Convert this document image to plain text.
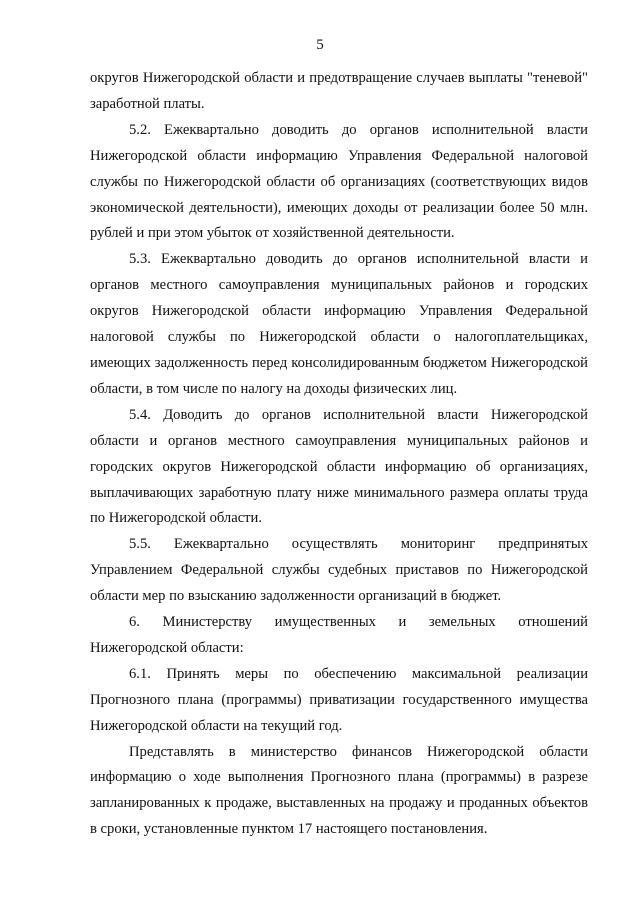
5

округов Нижегородской области и предотвращение случаев выплаты "теневой" заработной платы.

5.2. Ежеквартально доводить до органов исполнительной власти Нижегородской области информацию Управления Федеральной налоговой службы по Нижегородской области об организациях (соответствующих видов экономической деятельности), имеющих доходы от реализации более 50 млн. рублей и при этом убыток от хозяйственной деятельности.

5.3. Ежеквартально доводить до органов исполнительной власти и органов местного самоуправления муниципальных районов и городских округов Нижегородской области информацию Управления Федеральной налоговой службы по Нижегородской области о налогоплательщиках, имеющих задолженность перед консолидированным бюджетом Нижегородской области, в том числе по налогу на доходы физических лиц.

5.4. Доводить до органов исполнительной власти Нижегородской области и органов местного самоуправления муниципальных районов и городских округов Нижегородской области информацию об организациях, выплачивающих заработную плату ниже минимального размера оплаты труда по Нижегородской области.

5.5. Ежеквартально осуществлять мониторинг предпринятых Управлением Федеральной службы судебных приставов по Нижегородской области мер по взысканию задолженности организаций в бюджет.

6. Министерству имущественных и земельных отношений Нижегородской области:

6.1. Принять меры по обеспечению максимальной реализации Прогнозного плана (программы) приватизации государственного имущества Нижегородской области на текущий год.

Представлять в министерство финансов Нижегородской области информацию о ходе выполнения Прогнозного плана (программы) в разрезе запланированных к продаже, выставленных на продажу и проданных объектов в сроки, установленные пунктом 17 настоящего постановления.
